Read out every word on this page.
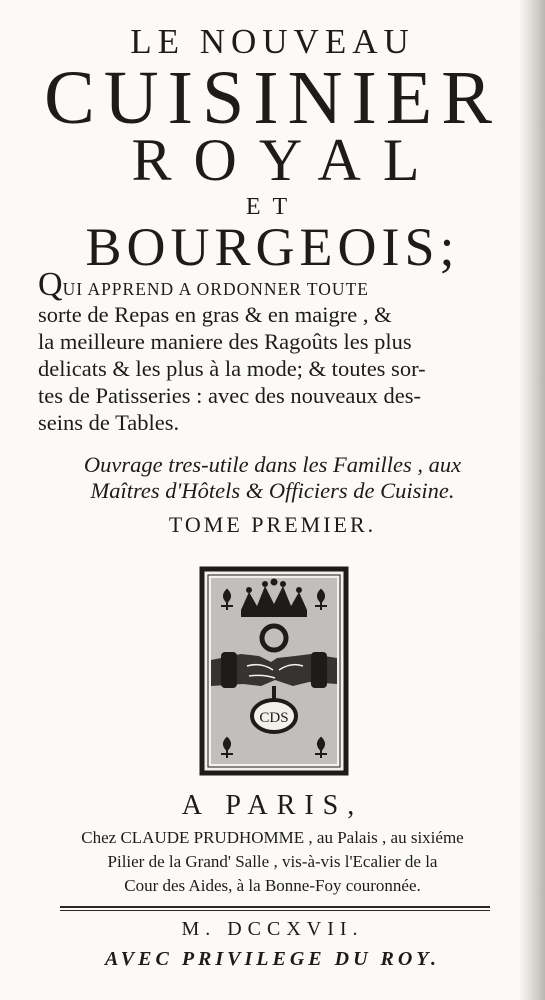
LE NOUVEAU
CUISINIER
ROYAL
ET
BOURGEOIS;
QUI APPREND A ORDONNER TOUTE
sorte de Repas en gras & en maigre , &
la meilleure maniere des Ragoûts les plus
delicats & les plus à la mode; & toutes sor-
tes de Patisseries : avec des nouveaux des-
seins de Tables.
Ouvrage tres-utile dans les Familles , aux
Maîtres d'Hôtels & Officiers de Cuisine.
TOME PREMIER.
CDS
A PARIS,
Chez CLAUDE PRUDHOMME , au Palais , au sixiéme
Pilier de la Grand' Salle , vis-à-vis l'Ecalier de la
Cour des Aides, à la Bonne-Foy couronnée.
M. DCCXVII.
AVEC PRIVILEGE DU ROY.
